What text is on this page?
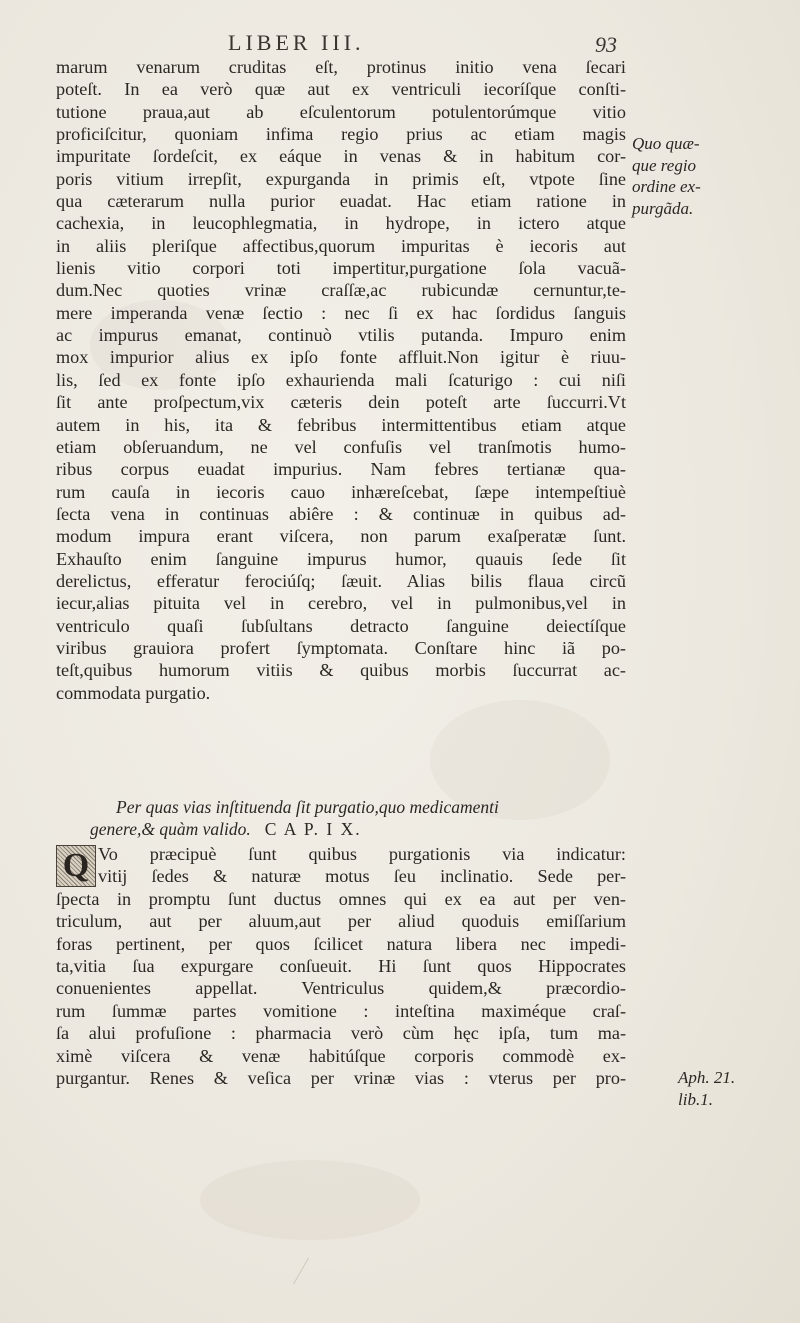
LIBER III.	93
marum venarum cruditas eſt, protinus initio vena ſecari
poteſt. In ea verò quæ aut ex ventriculi iecoríſque conſti-
tutione praua,aut ab eſculentorum potulentorúmque vitio
proficiſcitur, quoniam infima regio prius ac etiam magis
impuritate ſordeſcit, ex eáque in venas & in habitum cor-
poris vitium irrepſit, expurganda in primis eſt, vtpote ſine
qua cæterarum nulla purior euadat. Hac etiam ratione in
cachexia, in leucophlegmatia, in hydrope, in ictero atque
in aliis pleriſque affectibus,quorum impuritas è iecoris aut
lienis vitio corpori toti impertitur,purgatione ſola vacuã-
dum.Nec quoties vrinæ craſſæ,ac rubicundæ cernuntur,te-
mere imperanda venæ ſectio : nec ſi ex hac ſordidus ſanguis
ac impurus emanat, continuò vtilis putanda. Impuro enim
mox impurior alius ex ipſo fonte affluit.Non igitur è riuu-
lis, ſed ex fonte ipſo exhaurienda mali ſcaturigo : cui niſi
ſit ante proſpectum,vix cæteris dein poteſt arte ſuccurri.Vt
autem in his, ita & febribus intermittentibus etiam atque
etiam obſeruandum, ne vel confuſis vel tranſmotis humo-
ribus corpus euadat impurius. Nam febres tertianæ qua-
rum cauſa in iecoris cauo inhæreſcebat, ſæpe intempeſtiuè
ſecta vena in continuas abiêre : & continuæ in quibus ad-
modum impura erant viſcera, non parum exaſperatæ ſunt.
Exhauſto enim ſanguine impurus humor, quauis ſede ſit
derelictus, efferatur ferociúſq; ſæuit. Alias bilis flaua circũ
iecur,alias pituita vel in cerebro, vel in pulmonibus,vel in
ventriculo quaſi ſubſultans detracto ſanguine deiectíſque
viribus grauiora profert ſymptomata. Conſtare hinc iã po-
teſt,quibus humorum vitiis & quibus morbis ſuccurrat ac-
commodata purgatio.
Quo quæ-
que regio
ordine ex-
purgãda.
Per quas vias inſtituenda ſit purgatio,quo medicamenti
genere,& quàm valido. C A P. I X.
Q Vo præcipuè ſunt quibus purgationis via indicatur:
vitij ſedes & naturæ motus ſeu inclinatio. Sede per-
ſpecta in promptu ſunt ductus omnes qui ex ea aut per ven-
triculum, aut per aluum,aut per aliud quoduis emiſſarium
foras pertinent, per quos ſcilicet natura libera nec impedi-
ta,vitia ſua expurgare conſueuit. Hi ſunt quos Hippocrates
conuenientes appellat. Ventriculus quidem,& præcordio-
rum ſummæ partes vomitione : inteſtina maximéque craſ-
ſa alui profuſione : pharmacia verò cùm hęc ipſa, tum ma-
ximè viſcera & venæ habitúſque corporis commodè ex-
purgantur. Renes & veſica per vrinæ vias : vterus per pro-	Aph. 21.
lib.1.
